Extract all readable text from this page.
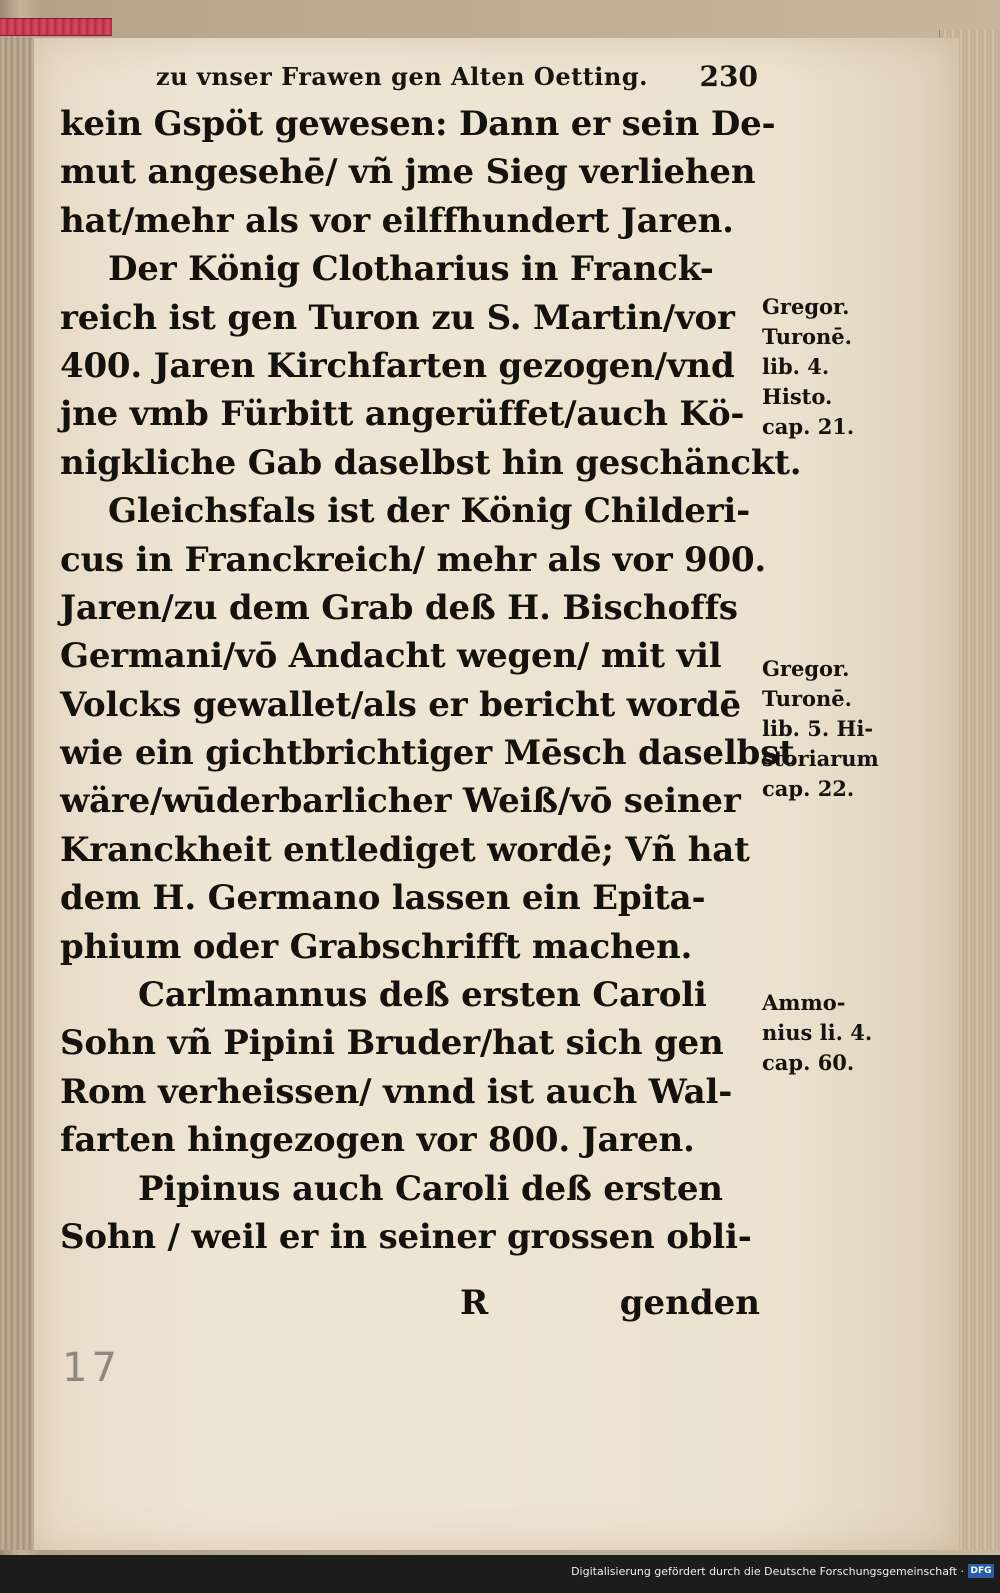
zu vnser Frawen gen Alten Oetting. 230
kein Gspöt gewesen: Dann er sein De-
mut angesehē/ vñ jme Sieg verliehen
hat/mehr als vor eilffhundert Jaren.
Der König Clotharius in Franck-
reich ist gen Turon zu S. Martin/vor
400. Jaren Kirchfarten gezogen/vnd
jne vmb Fürbitt angerüffet/auch Kö-
nigkliche Gab daselbst hin geschänckt.
Gleichsfals ist der König Childeri-
cus in Franckreich/ mehr als vor 900.
Jaren/zu dem Grab deß H. Bischoffs
Germani/vō Andacht wegen/ mit vil
Volcks gewallet/als er bericht wordē
wie ein gichtbrichtiger Mēsch daselbst
wäre/wūderbarlicher Weiß/vō seiner
Kranckheit entlediget wordē; Vñ hat
dem H. Germano lassen ein Epita-
phium oder Grabschrifft machen.
Carlmannus deß ersten Caroli
Sohn vñ Pipini Bruder/hat sich gen
Rom verheissen/ vnnd ist auch Wal-
farten hingezogen vor 800. Jaren.
Pipinus auch Caroli deß ersten
Sohn / weil er in seiner grossen obli-
R	genden
Gregor.
Turonē.
lib. 4.
Histo.
cap. 21.
Gregor.
Turonē.
lib. 5. Hi-
storiarum
cap. 22.
Ammo-
nius li. 4.
cap. 60.
17
Digitalisierung gefördert durch die Deutsche Forschungsgemeinschaft · DFG
